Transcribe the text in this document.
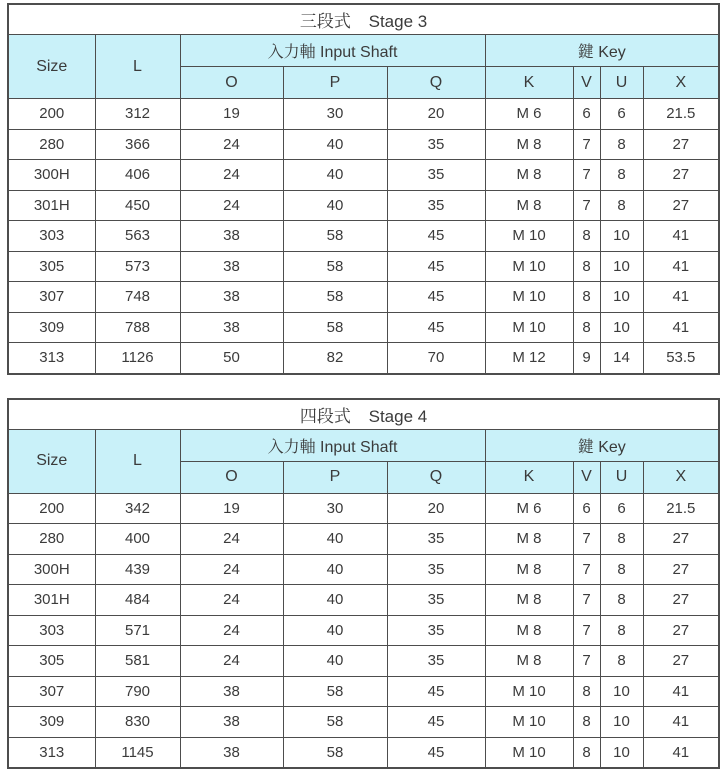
三段式 Stage 3								
Size	L	入力軸 Input Shaft			鍵 Key			
		O	P	Q	K	V	U	X
200	312	19	30	20	M 6	6	6	21.5
280	366	24	40	35	M 8	7	8	27
300H	406	24	40	35	M 8	7	8	27
301H	450	24	40	35	M 8	7	8	27
303	563	38	58	45	M 10	8	10	41
305	573	38	58	45	M 10	8	10	41
307	748	38	58	45	M 10	8	10	41
309	788	38	58	45	M 10	8	10	41
313	1126	50	82	70	M 12	9	14	53.5
四段式 Stage 4								
Size	L	入力軸 Input Shaft			鍵 Key			
		O	P	Q	K	V	U	X
200	342	19	30	20	M 6	6	6	21.5
280	400	24	40	35	M 8	7	8	27
300H	439	24	40	35	M 8	7	8	27
301H	484	24	40	35	M 8	7	8	27
303	571	24	40	35	M 8	7	8	27
305	581	24	40	35	M 8	7	8	27
307	790	38	58	45	M 10	8	10	41
309	830	38	58	45	M 10	8	10	41
313	1145	38	58	45	M 10	8	10	41
